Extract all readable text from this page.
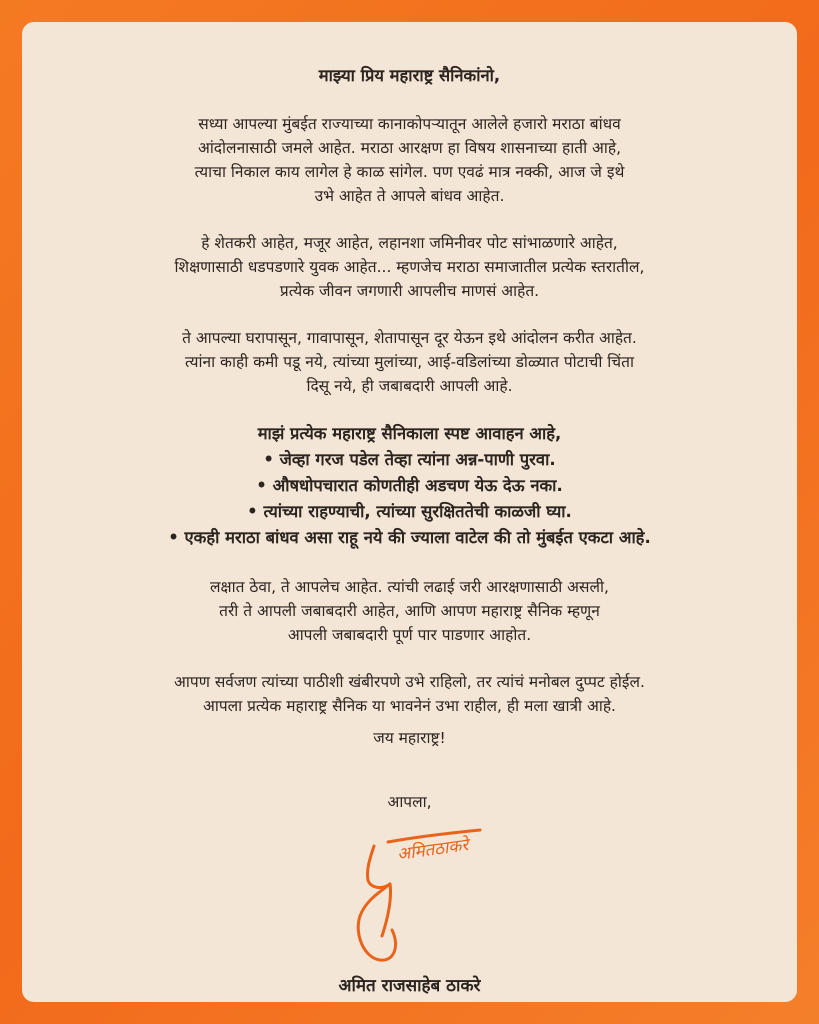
माझ्या प्रिय महाराष्ट्र सैनिकांनो,

सध्या आपल्या मुंबईत राज्याच्या कानाकोपऱ्यातून आलेले हजारो मराठा बांधव
आंदोलनासाठी जमले आहेत. मराठा आरक्षण हा विषय शासनाच्या हाती आहे,
त्याचा निकाल काय लागेल हे काळ सांगेल. पण एवढं मात्र नक्की, आज जे इथे
उभे आहेत ते आपले बांधव आहेत.

हे शेतकरी आहेत, मजूर आहेत, लहानशा जमिनीवर पोट सांभाळणारे आहेत,
शिक्षणासाठी धडपडणारे युवक आहेत... म्हणजेच मराठा समाजातील प्रत्येक स्तरातील,
प्रत्येक जीवन जगणारी आपलीच माणसं आहेत.

ते आपल्या घरापासून, गावापासून, शेतापासून दूर येऊन इथे आंदोलन करीत आहेत.
त्यांना काही कमी पडू नये, त्यांच्या मुलांच्या, आई-वडिलांच्या डोळ्यात पोटाची चिंता
दिसू नये, ही जबाबदारी आपली आहे.

माझं प्रत्येक महाराष्ट्र सैनिकाला स्पष्ट आवाहन आहे,
• जेव्हा गरज पडेल तेव्हा त्यांना अन्न-पाणी पुरवा.
• औषधोपचारात कोणतीही अडचण येऊ देऊ नका.
• त्यांच्या राहण्याची, त्यांच्या सुरक्षिततेची काळजी घ्या.
• एकही मराठा बांधव असा राहू नये की ज्याला वाटेल की तो मुंबईत एकटा आहे.

लक्षात ठेवा, ते आपलेच आहेत. त्यांची लढाई जरी आरक्षणासाठी असली,
तरी ते आपली जबाबदारी आहेत, आणि आपण महाराष्ट्र सैनिक म्हणून
आपली जबाबदारी पूर्ण पार पाडणार आहोत.

आपण सर्वजण त्यांच्या पाठीशी खंबीरपणे उभे राहिलो, तर त्यांचं मनोबल दुप्पट होईल.
आपला प्रत्येक महाराष्ट्र सैनिक या भावनेनं उभा राहील, ही मला खात्री आहे.

जय महाराष्ट्र!

आपला,

अमितठाकरे

अमित राजसाहेब ठाकरे
